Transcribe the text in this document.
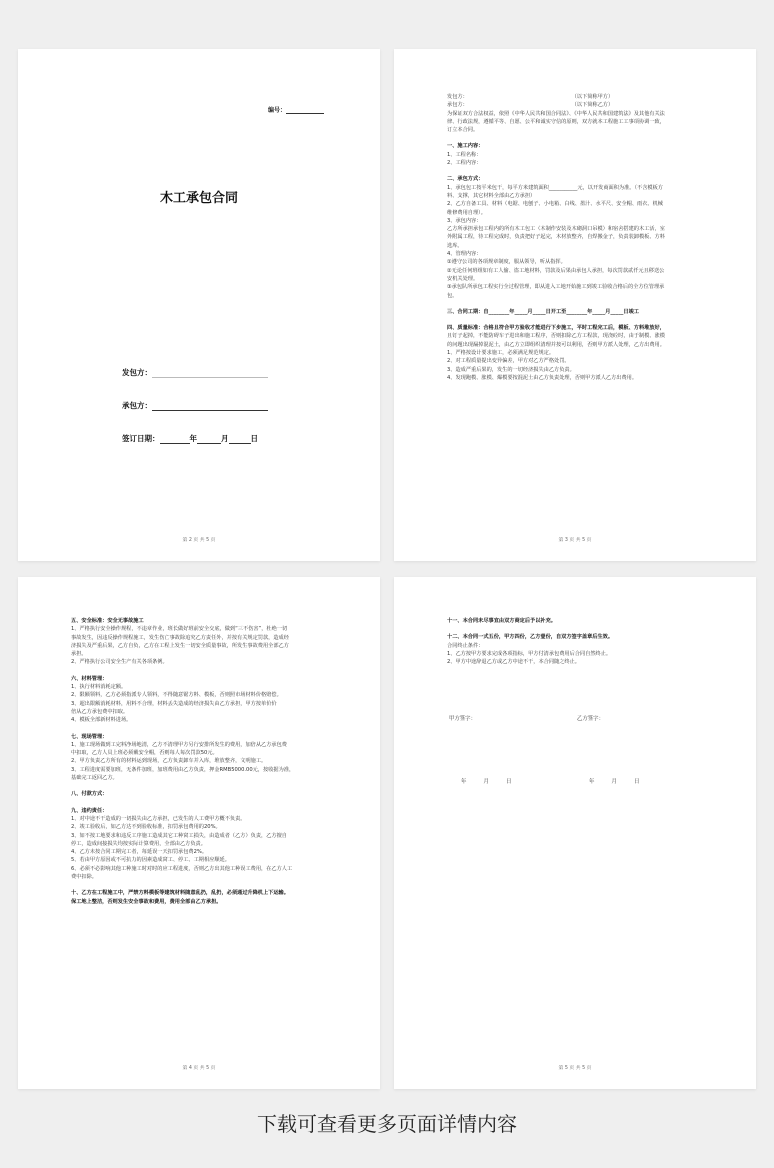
编号：
木工承包合同
发包方：
承包方：
签订日期：	年	月	日
第 2 页 共 5 页
发包方：                                                               （以下简称甲方）
承包方：                                                               （以下简称乙方）
为保证双方合法权益，依照《中华人民共和国合同法》、《中华人民共和国建筑法》及其他有关法
律、行政法规，遵循平等、自愿、公平和诚实守信的原则，双方就本工程施工工事项协调一致，
订立本合同。
一、施工内容：
1、工程名称：
2、工程内容：
二、承包方式：
1、承包包工按平米包干，每平方米建筑面积___________元，以开发商面积为准。（不含模板方
料、支撑，其它材料全部由乙方承担）
2、乙方自备工具、材料（电锯、电刨子、小电箱、白线、墨汁、水平尺、安全帽、雨衣、机械
维修费用自理）。
3、承包内容：
乙方所承担承包工程内的所有木工包工（木制作安装及木砌洞口吊模）和宿舍搭建的木工活，室
外附属工程，待工程完成时，负责把好子起完，木材放整齐，自焊搬金子，负责装卸模板、方料
选库。
4、管理内容：
①遵守公司的各项规章制度，服从领导，听从指挥。
②无论任何班组如有工人偷、盗工地材料，罚款及后果由承包人承担，每次罚款贰仟元且移送公
安机关处理。
③承包队所承包工程实行全过程管理，即从进入工地开始施工到竣工验收合格后的全方位管理承
包。
三、合同工期：自________年_____月_____日开工至________年_____月_____日竣工
四、质量标准：合格且符合甲方验收才能进行下步施工，平时工程完工后，模板、方料堆放好，
且钉子起掉，不能防碍车子进出和施工程序，否则扣除乙方工程款，现浇砼时，由于制模、涨模
的问题出现漏掉混泥土，由乙方立即组织清理并按可以利用，否则甲方派人处理，乙方出费用。
1、严格按设计要求施工，必须满足规范规定。
2、对工程质量提出变异偏差，甲方对乙方严格处罚。
3、造成严重后果的，发生的一切经济损失由乙方负责。
4、发现跑模、胀模、爆模要按混泥土由乙方负责处理，否则甲方派人乙方出费用。
第 3 页 共 5 页
五、安全标准：安全无事故施工
1、严格执行安全操作规程，不违章作业，班长做好班前安全交底，做到“三不伤害”，杜绝一切
事故发生，因违反操作规程施工，发生伤亡事故除追究乙方责任外，并按有关规定罚款，造成经
济损失及严重后果，乙方自负，乙方在工程上发生一切安全质量事故，所发生事故费用全部乙方
承担。
2、严格执行公司安全生产有关各项条例。
六、材料管理：
1、执行材料消耗定额。
2、限额领料，乙方必须指派专人领料，不得随意锯方料、模板，否则照市场材料价格赔偿。
3、超出限额消耗材料，用料不合理，材料丢失造成的经济损失由乙方承担，甲方按单价价
倍从乙方承包费中扣取。
4、模板全部新材料进场。
七、现场管理：
1、施工现场做到工完料净场地清，乙方不清理甲方另行安排所发生的费用，加倍从乙方承包费
中扣取，乙方人员上班必须戴安全帽，否则每人每次罚款50元。
2、甲方负责乙方所有的材料运到现场，乙方负责卸车并入库，堆放整齐，文明施工。
3、工程进度需要加班，无条件加班，加班费用由乙方负责，押金RMB5000.00元，按收据为准，
基础完工返回乙方。
八、付款方式：
九、违约责任：
1、对中途不干造成的一切损失由乙方承担，已发生的人工费甲方概不负责。
2、竣工验收后，如乙方达不到验收标准，扣罚承包费用的20%。
3、如不按工地要求和违反工序施工造成其它工种窝工损失，由造成者（乙方）负责，乙方擅自
停工，造成间接损失均按实际计算费用，全部由乙方负责。
4、乙方未按合同工期完工者，每延误一天扣罚承包费2%。
5、若由甲方原因或不可抗力的因素造成窝工、停工、工期相应顺延。
6、必须不必影响其他工种施工时对时的应工程进度，否则乙方出其他工种误工费用，在乙方人工
费中扣除。
十、乙方在工程施工中，严禁方料模板等建筑材料随意乱扔，乱扔，必须通过升降机上下运输。
保工地上整洁，否则发生安全事故和费用，费用全部由乙方承担。
第 4 页 共 5 页
十一、本合同未尽事宜由双方商定后予以补充。
十二、本合同一式五份，甲方四份，乙方壹份，自双方签字盖章后生效。
合同终止条件：
1、乙方按甲方要求完成各项指标，甲方付清承包费用后合同自然终止。
2、甲方中途辞退乙方或乙方中途不干，本合同随之终止。
甲方签字：	乙方签字：
年          月          日	年          月          日
第 5 页 共 5 页
下载可查看更多页面详情内容
